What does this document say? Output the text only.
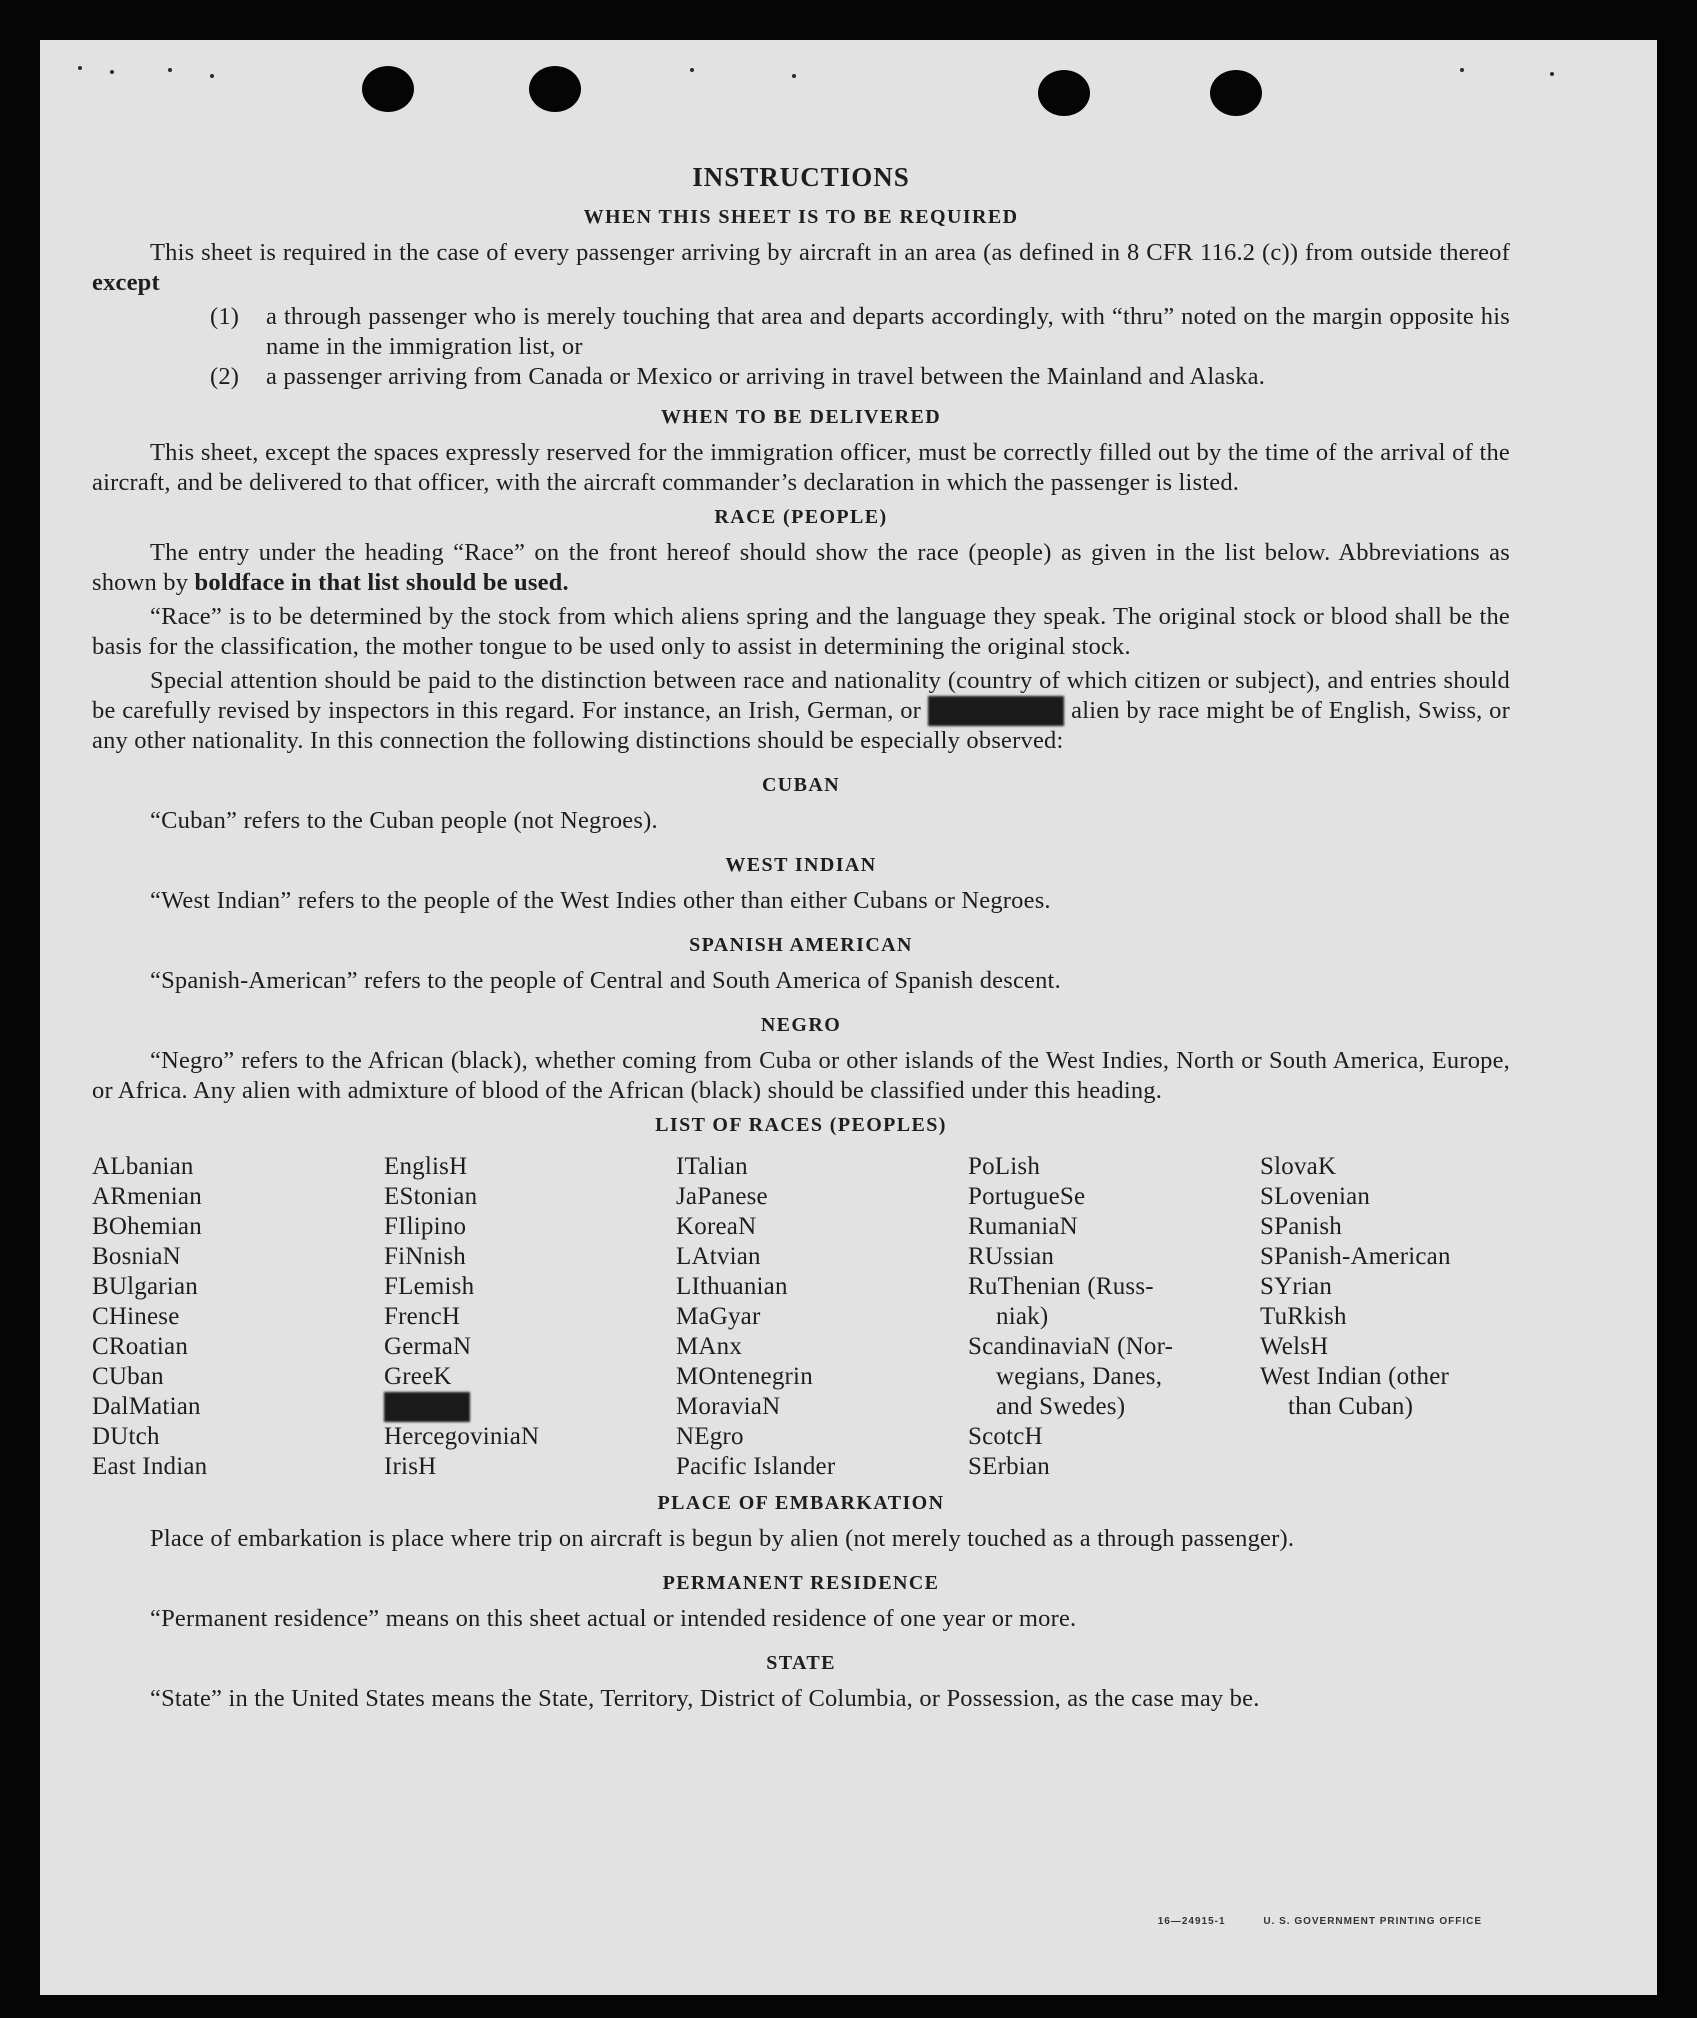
INSTRUCTIONS
WHEN THIS SHEET IS TO BE REQUIRED

This sheet is required in the case of every passenger arriving by aircraft in an area (as defined in 8 CFR 116.2 (c)) from outside thereof except

(1)	a through passenger who is merely touching that area and departs accordingly, with “thru” noted on the margin opposite his name in the immigration list, or
(2)	a passenger arriving from Canada or Mexico or arriving in travel between the Mainland and Alaska.
WHEN TO BE DELIVERED

This sheet, except the spaces expressly reserved for the immigration officer, must be correctly filled out by the time of the arrival of the aircraft, and be delivered to that officer, with the aircraft commander’s declaration in which the passenger is listed.

RACE (PEOPLE)

The entry under the heading “Race” on the front hereof should show the race (people) as given in the list below. Abbreviations as shown by boldface in that list should be used.

“Race” is to be determined by the stock from which aliens spring and the language they speak. The original stock or blood shall be the basis for the classification, the mother tongue to be used only to assist in determining the original stock.

Special attention should be paid to the distinction between race and nationality (country of which citizen or subject), and entries should be carefully revised by inspectors in this regard. For instance, an Irish, German, or	Hebrew alien by race might be of English, Swiss, or any other nationality. In this connection the following distinctions should be especially observed:

CUBAN

“Cuban” refers to the Cuban people (not Negroes).

WEST INDIAN

“West Indian” refers to the people of the West Indies other than either Cubans or Negroes.

SPANISH AMERICAN

“Spanish-American” refers to the people of Central and South America of Spanish descent.

NEGRO

“Negro” refers to the African (black), whether coming from Cuba or other islands of the West Indies, North or South America, Europe, or Africa. Any alien with admixture of blood of the African (black) should be classified under this heading.

LIST OF RACES (PEOPLES)
ALbanian
ARmenian
BOhemian
BosniaN
BUlgarian
CHinese
CRoatian
CUban
DalMatian
DUtch
East Indian
EnglisH
EStonian
FIlipino
FiNnish
FLemish
FrencH
GermaN
GreeK
HebreW
HercegoviniaN
IrisH
ITalian
JaPanese
KoreaN
LAtvian
LIthuanian
MaGyar
MAnx
MOntenegrin
MoraviaN
NEgro
Pacific Islander
PoLish
PortugueSe
RumaniaN
RUssian
RuThenian (Russ-
niak)
ScandinaviaN (Nor-
wegians, Danes,
and Swedes)
ScotcH
SErbian
SlovaK
SLovenian
SPanish
SPanish-American
SYrian
TuRkish
WelsH
West Indian (other
than Cuban)
PLACE OF EMBARKATION

Place of embarkation is place where trip on aircraft is begun by alien (not merely touched as a through passenger).

PERMANENT RESIDENCE

“Permanent residence” means on this sheet actual or intended residence of one year or more.

STATE

“State” in the United States means the State, Territory, District of Columbia, or Possession, as the case may be.

16—24915-1	U. S. GOVERNMENT PRINTING OFFICE
